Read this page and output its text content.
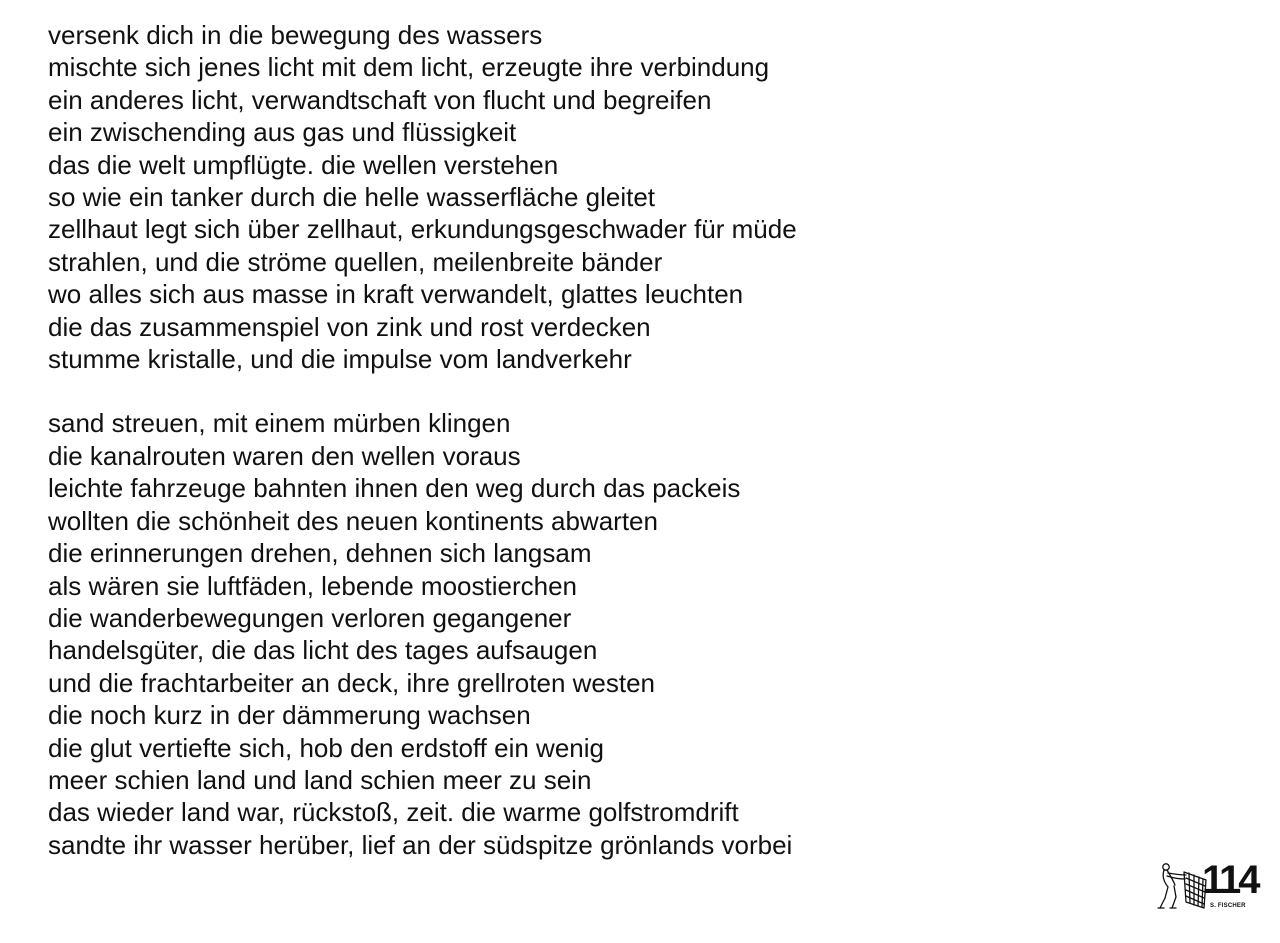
versenk dich in die bewegung des wassers
mischte sich jenes licht mit dem licht, erzeugte ihre verbindung
ein anderes licht, verwandtschaft von flucht und begreifen
ein zwischending aus gas und flüssigkeit
das die welt umpflügte. die wellen verstehen
so wie ein tanker durch die helle wasserfläche gleitet
zellhaut legt sich über zellhaut, erkundungsgeschwader für müde
strahlen, und die ströme quellen, meilenbreite bänder
wo alles sich aus masse in kraft verwandelt, glattes leuchten
die das zusammenspiel von zink und rost verdecken
stumme kristalle, und die impulse vom landverkehr
sand streuen, mit einem mürben klingen
die kanalrouten waren den wellen voraus
leichte fahrzeuge bahnten ihnen den weg durch das packeis
wollten die schönheit des neuen kontinents abwarten
die erinnerungen drehen, dehnen sich langsam
als wären sie luftfäden, lebende moostierchen
die wanderbewegungen verloren gegangener
handelsgüter, die das licht des tages aufsaugen
und die frachtarbeiter an deck, ihre grellroten westen
die noch kurz in der dämmerung wachsen
die glut vertiefte sich, hob den erdstoff ein wenig
meer schien land und land schien meer zu sein
das wieder land war, rückstoß, zeit. die warme golfstromdrift
sandte ihr wasser herüber, lief an der südspitze grönlands vorbei
114
S. FISCHER
